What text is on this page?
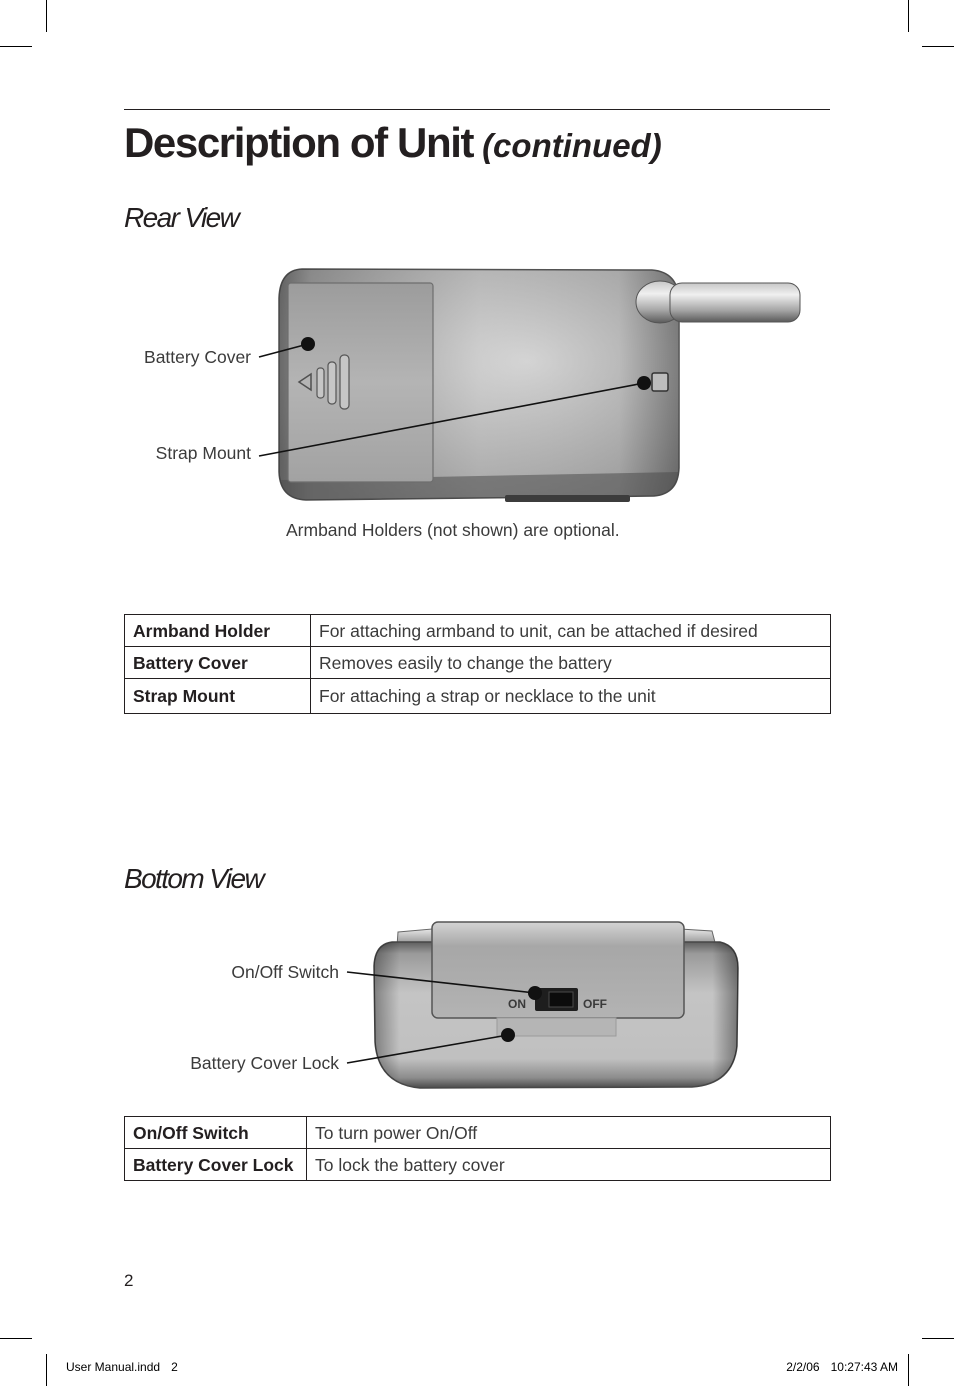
Description of Unit (continued)
Rear View
Battery Cover
Strap Mount
Armband Holders (not shown) are optional.
Armband Holder	For attaching armband to unit, can be attached if desired
Battery Cover	Removes easily to change the battery
Strap Mount	For attaching a strap or necklace to the unit
Bottom View
ON	OFF
On/Off Switch
Battery Cover Lock
On/Off Switch	To turn power On/Off
Battery Cover Lock	To lock the battery cover
2
User Manual.indd 2	2/2/06 10:27:43 AM
